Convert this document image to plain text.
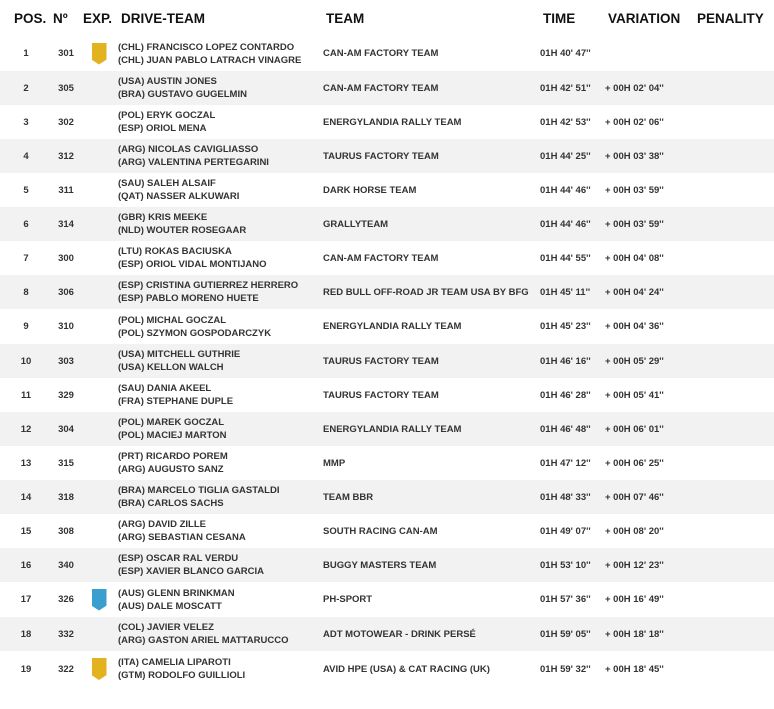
POS. Nº	EXP. DRIVE-TEAM	TEAM	TIME	VARIATION	PENALITY
1	301
(CHL) FRANCISCO LOPEZ CONTARDO
(CHL) JUAN PABLO LATRACH VINAGRE
CAN-AM FACTORY TEAM	01H 40' 47''
2	305
(USA) AUSTIN JONES
(BRA) GUSTAVO GUGELMIN
CAN-AM FACTORY TEAM	01H 42' 51''	+ 00H 02' 04''
3	302
(POL) ERYK GOCZAL
(ESP) ORIOL MENA
ENERGYLANDIA RALLY TEAM	01H 42' 53''	+ 00H 02' 06''
4	312
(ARG) NICOLAS CAVIGLIASSO
(ARG) VALENTINA PERTEGARINI
TAURUS FACTORY TEAM	01H 44' 25''	+ 00H 03' 38''
5	311
(SAU) SALEH ALSAIF
(QAT) NASSER ALKUWARI
DARK HORSE TEAM	01H 44' 46''	+ 00H 03' 59''
6	314
(GBR) KRIS MEEKE
(NLD) WOUTER ROSEGAAR
GRALLYTEAM	01H 44' 46''	+ 00H 03' 59''
7	300
(LTU) ROKAS BACIUSKA
(ESP) ORIOL VIDAL MONTIJANO
CAN-AM FACTORY TEAM	01H 44' 55''	+ 00H 04' 08''
8	306
(ESP) CRISTINA GUTIERREZ HERRERO
(ESP) PABLO MORENO HUETE
RED BULL OFF-ROAD JR TEAM USA BY BFG	01H 45' 11''	+ 00H 04' 24''
9	310
(POL) MICHAL GOCZAL
(POL) SZYMON GOSPODARCZYK
ENERGYLANDIA RALLY TEAM	01H 45' 23''	+ 00H 04' 36''
10	303
(USA) MITCHELL GUTHRIE
(USA) KELLON WALCH
TAURUS FACTORY TEAM	01H 46' 16''	+ 00H 05' 29''
11	329
(SAU) DANIA AKEEL
(FRA) STEPHANE DUPLE
TAURUS FACTORY TEAM	01H 46' 28''	+ 00H 05' 41''
12	304
(POL) MAREK GOCZAL
(POL) MACIEJ MARTON
ENERGYLANDIA RALLY TEAM	01H 46' 48''	+ 00H 06' 01''
13	315
(PRT) RICARDO POREM
(ARG) AUGUSTO SANZ
MMP	01H 47' 12''	+ 00H 06' 25''
14	318
(BRA) MARCELO TIGLIA GASTALDI
(BRA) CARLOS SACHS
TEAM BBR	01H 48' 33''	+ 00H 07' 46''
15	308
(ARG) DAVID ZILLE
(ARG) SEBASTIAN CESANA
SOUTH RACING CAN-AM	01H 49' 07''	+ 00H 08' 20''
16	340
(ESP) OSCAR RAL VERDU
(ESP) XAVIER BLANCO GARCIA
BUGGY MASTERS TEAM	01H 53' 10''	+ 00H 12' 23''
17	326
(AUS) GLENN BRINKMAN
(AUS) DALE MOSCATT
PH-SPORT	01H 57' 36''	+ 00H 16' 49''
18	332
(COL) JAVIER VELEZ
(ARG) GASTON ARIEL MATTARUCCO
ADT MOTOWEAR - DRINK PERSÉ	01H 59' 05''	+ 00H 18' 18''
19	322
(ITA) CAMELIA LIPAROTI
(GTM) RODOLFO GUILLIOLI
AVID HPE (USA) & CAT RACING (UK)	01H 59' 32''	+ 00H 18' 45''
